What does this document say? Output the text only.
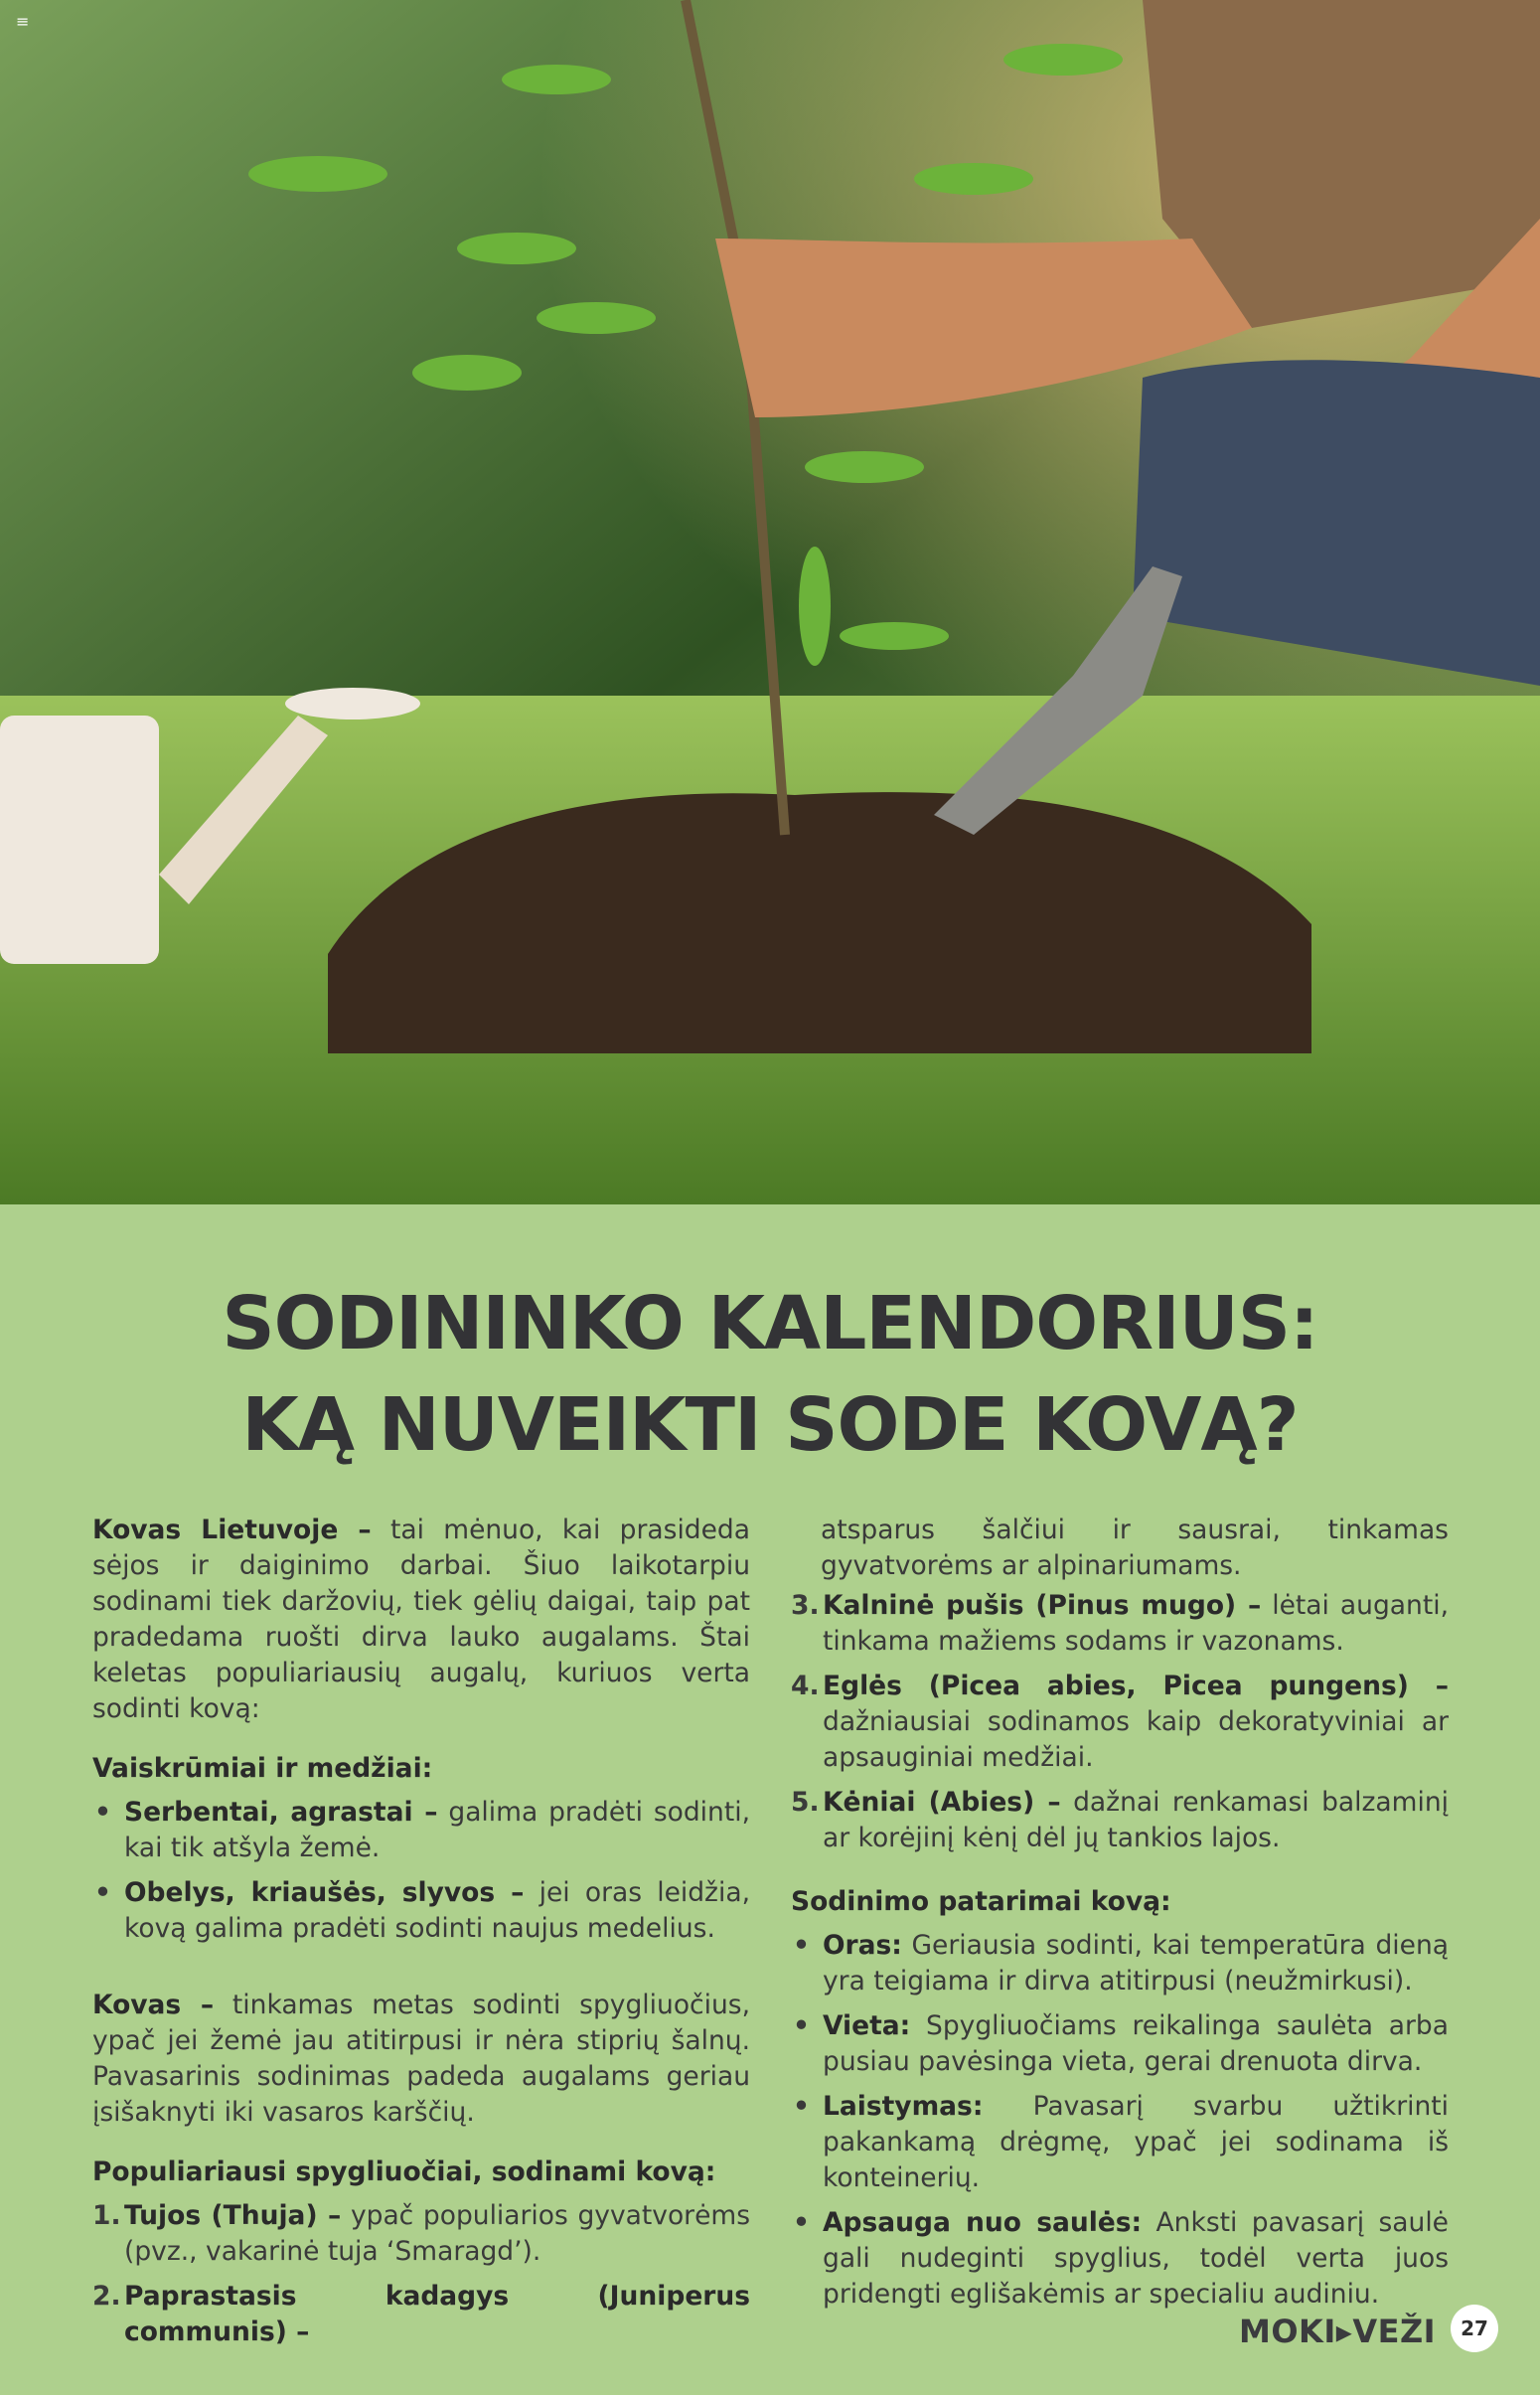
≡
SODININKO KALENDORIUS:
KĄ NUVEIKTI SODE KOVĄ?

Kovas Lietuvoje – tai mėnuo, kai prasideda sėjos ir daiginimo darbai. Šiuo laikotarpiu sodinami tiek daržovių, tiek gėlių daigai, taip pat pradedama ruošti dirva lauko augalams. Štai keletas populiariausių augalų, kuriuos verta sodinti kovą:

Vaiskrūmiai ir medžiai:
• Serbentai, agrastai – galima pradėti sodinti, kai tik atšyla žemė.
• Obelys, kriaušės, slyvos – jei oras leidžia, kovą galima pradėti sodinti naujus medelius.

Kovas – tinkamas metas sodinti spygliuočius, ypač jei žemė jau atitirpusi ir nėra stiprių šalnų. Pavasarinis sodinimas padeda augalams geriau įsišaknyti iki vasaros karščių.

Populiariausi spygliuočiai, sodinami kovą:
1. Tujos (Thuja) – ypač populiarios gyvatvorėms (pvz., vakarinė tuja ‘Smaragd’).
2. Paprastasis kadagys (Juniperus communis) –

atsparus šalčiui ir sausrai, tinkamas gyvatvorėms ar alpinariumams.

3. Kalninė pušis (Pinus mugo) – lėtai auganti, tinkama mažiems sodams ir vazonams.
4. Eglės (Picea abies, Picea pungens) – dažniausiai sodinamos kaip dekoratyviniai ar apsauginiai medžiai.
5. Kėniai (Abies) – dažnai renkamasi balzaminį ar korėjinį kėnį dėl jų tankios lajos.
Sodinimo patarimai kovą:
• Oras: Geriausia sodinti, kai temperatūra dieną yra teigiama ir dirva atitirpusi (neužmirkusi).
• Vieta: Spygliuočiams reikalinga saulėta arba pusiau pavėsinga vieta, gerai drenuota dirva.
• Laistymas: Pavasarį svarbu užtikrinti pakankamą drėgmę, ypač jei sodinama iš konteinerių.
• Apsauga nuo saulės: Anksti pavasarį saulė gali nudeginti spyglius, todėl verta juos pridengti eglišakėmis ar specialiu audiniu.
MOKI▸VEŽI	27
